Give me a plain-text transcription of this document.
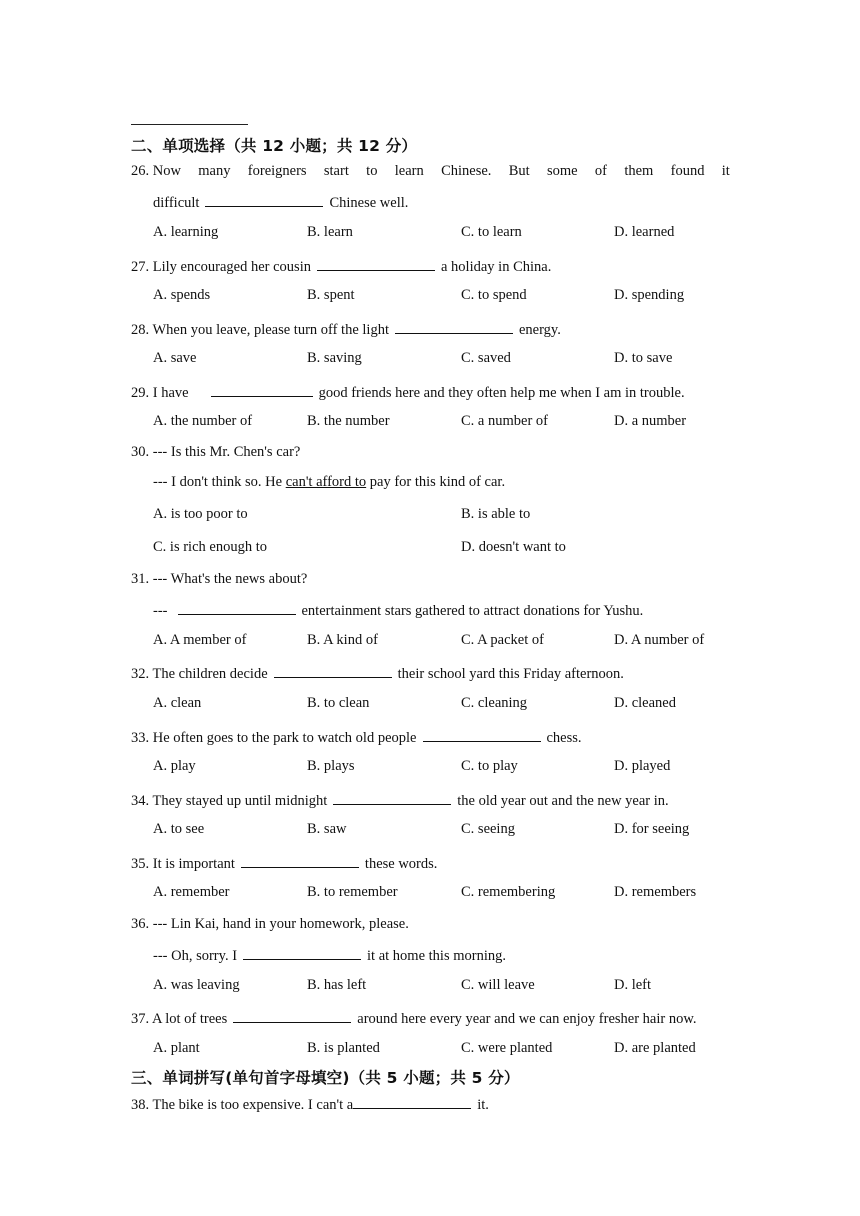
二、单项选择（共 12 小题；共 12 分）
26. Now many foreigners start to learn Chinese. But some of them found it
difficult	Chinese well.
A. learning	B. learn	C. to learn	D. learned
27. Lily encouraged her cousin	a holiday in China.
A. spends	B. spent	C. to spend	D. spending
28. When you leave, please turn off the light	energy.
A. save	B. saving	C. saved	D. to save
29. I have	good friends here and they often help me when I am in trouble.
A. the number of	B. the number	C. a number of	D. a number
30. --- Is this Mr. Chen's car?
--- I don't think so. He can't afford to pay for this kind of car.
A. is too poor to	B. is able to
C. is rich enough to	D. doesn't want to
31. --- What's the news about?
---	entertainment stars gathered to attract donations for Yushu.
A. A member of	B. A kind of	C. A packet of	D. A number of
32. The children decide	their school yard this Friday afternoon.
A. clean	B. to clean	C. cleaning	D. cleaned
33. He often goes to the park to watch old people	chess.
A. play	B. plays	C. to play	D. played
34. They stayed up until midnight	the old year out and the new year in.
A. to see	B. saw	C. seeing	D. for seeing
35. It is important	these words.
A. remember	B. to remember	C. remembering	D. remembers
36. --- Lin Kai, hand in your homework, please.
--- Oh, sorry. I	it at home this morning.
A. was leaving	B. has left	C. will leave	D. left
37. A lot of trees	around here every year and we can enjoy fresher hair now.
A. plant	B. is planted	C. were planted	D. are planted
三、单词拼写(单句首字母填空)（共 5 小题；共 5 分）
38. The bike is too expensive. I can't a	it.
